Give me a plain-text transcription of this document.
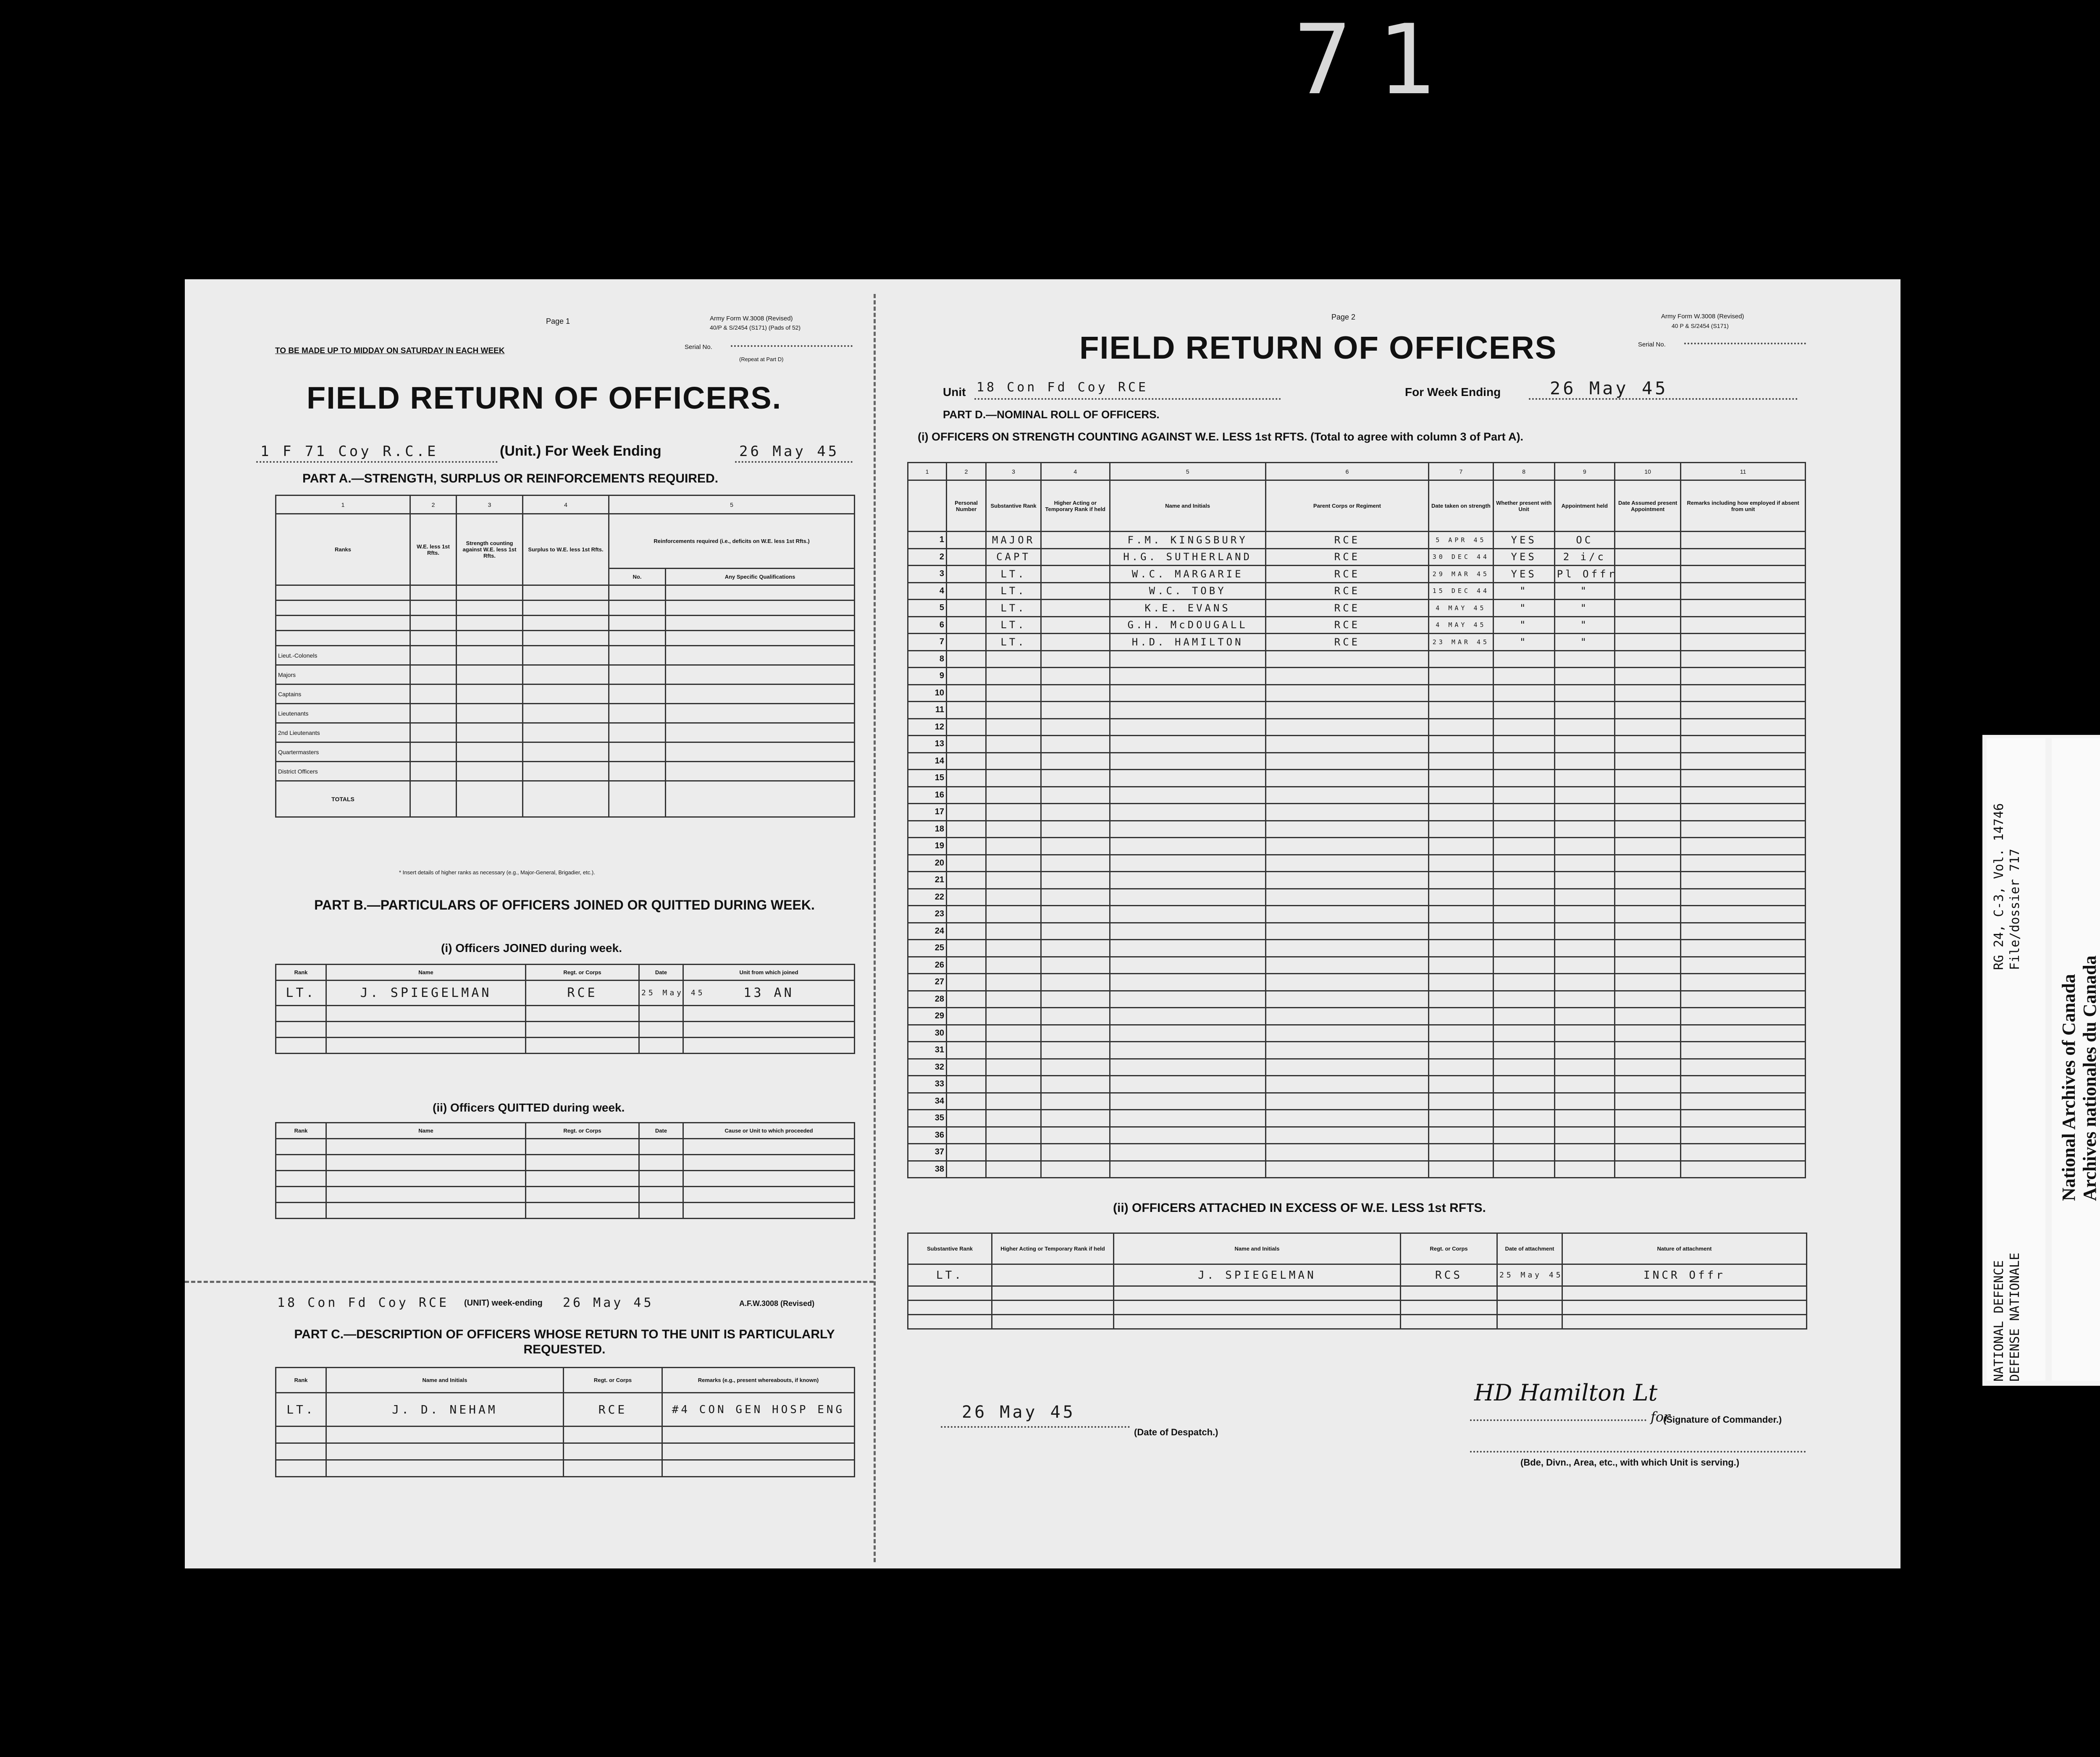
71
Page 1	Army Form W.3008 (Revised)
40/P & S/2454 (S171) (Pads of 52)
TO BE MADE UP TO MIDDAY ON SATURDAY IN EACH WEEK	Serial No.
(Repeat at Part D)
FIELD RETURN OF OFFICERS.
1 F 71 Coy R.C.E	(Unit.) For Week Ending	26 May 45
PART A.—STRENGTH, SURPLUS OR REINFORCEMENTS REQUIRED.
1	2	3	4	5	
Ranks	W.E. less 1st Rfts.	Strength counting against W.E. less 1st Rfts.	Surplus to W.E. less 1st Rfts.	Reinforcements required (i.e., deficits on W.E. less 1st Rfts.)	
				No.	Any Specific Qualifications

Lieut.-Colonels					
Majors					
Captains					
Lieutenants					
2nd Lieutenants					
Quartermasters					
District Officers					
TOTALS					
* Insert details of higher ranks as necessary (e.g., Major-General, Brigadier, etc.).
PART B.—PARTICULARS OF OFFICERS JOINED OR QUITTED DURING WEEK.
(i) Officers JOINED during week.
Rank	Name	Regt. or Corps	Date	Unit from which joined
LT.	J. SPIEGELMAN	RCE	25 May 45	13 AN

(ii) Officers QUITTED during week.
Rank	Name	Regt. or Corps	Date	Cause or Unit to which proceeded

18 Con Fd Coy RCE (UNIT) week-ending 26 May 45	A.F.W.3008 (Revised)
PART C.—DESCRIPTION OF OFFICERS WHOSE RETURN TO THE UNIT IS PARTICULARLY REQUESTED.
Rank	Name and Initials	Regt. or Corps	Remarks (e.g., present whereabouts, if known)
LT.	J. D. NEHAM	RCE	#4 CON GEN HOSP ENG

Page 2	Army Form W.3008 (Revised)
40 P & S/2454 (S171)
Serial No.
FIELD RETURN OF OFFICERS
Unit 18 Con Fd Coy RCE	For Week Ending	26 May 45
PART D.—NOMINAL ROLL OF OFFICERS.
(i) OFFICERS ON STRENGTH COUNTING AGAINST W.E. LESS 1st RFTS. (Total to agree with column 3 of Part A).
1	2	3	4	5	6	7	8	9	10	11
	Personal Number	Substantive Rank	Higher Acting or Temporary Rank if held	Name and Initials	Parent Corps or Regiment	Date taken on strength	Whether present with Unit	Appointment held	Date Assumed present Appointment	Remarks including how employed if absent from unit
1		MAJOR		F.M. KINGSBURY	RCE	5 APR 45	YES	OC		
2		CAPT		H.G. SUTHERLAND	RCE	30 DEC 44	YES	2 i/c		
3		LT.		W.C. MARGARIE	RCE	29 MAR 45	YES	Pl Offr		
4		LT.		W.C. TOBY	RCE	15 DEC 44	"	"		
5		LT.		K.E. EVANS	RCE	4 MAY 45	"	"		
6		LT.		G.H. McDOUGALL	RCE	4 MAY 45	"	"		
7		LT.		H.D. HAMILTON	RCE	23 MAR 45	"	"		
8										
9										
10										
11										
12										
13										
14										
15										
16										
17										
18										
19										
20										
21										
22										
23										
24										
25										
26										
27										
28										
29										
30										
31										
32										
33										
34										
35										
36										
37										
38										
(ii) OFFICERS ATTACHED IN EXCESS OF W.E. LESS 1st RFTS.
Substantive Rank	Higher Acting or Temporary Rank if held	Name and Initials	Regt. or Corps	Date of attachment	Nature of attachment
LT.		J. SPIEGELMAN	RCS	25 May 45	INCR Offr

26 May 45
(Date of Despatch.)
HD Hamilton Lt
for
(Signature of Commander.)
(Bde, Divn., Area, etc., with which Unit is serving.)
RG 24, C-3, Vol. 14746 File/dossier 717
NATIONAL DEFENCE DEFENSE NATIONALE
National Archives of Canada Archives nationales du Canada
